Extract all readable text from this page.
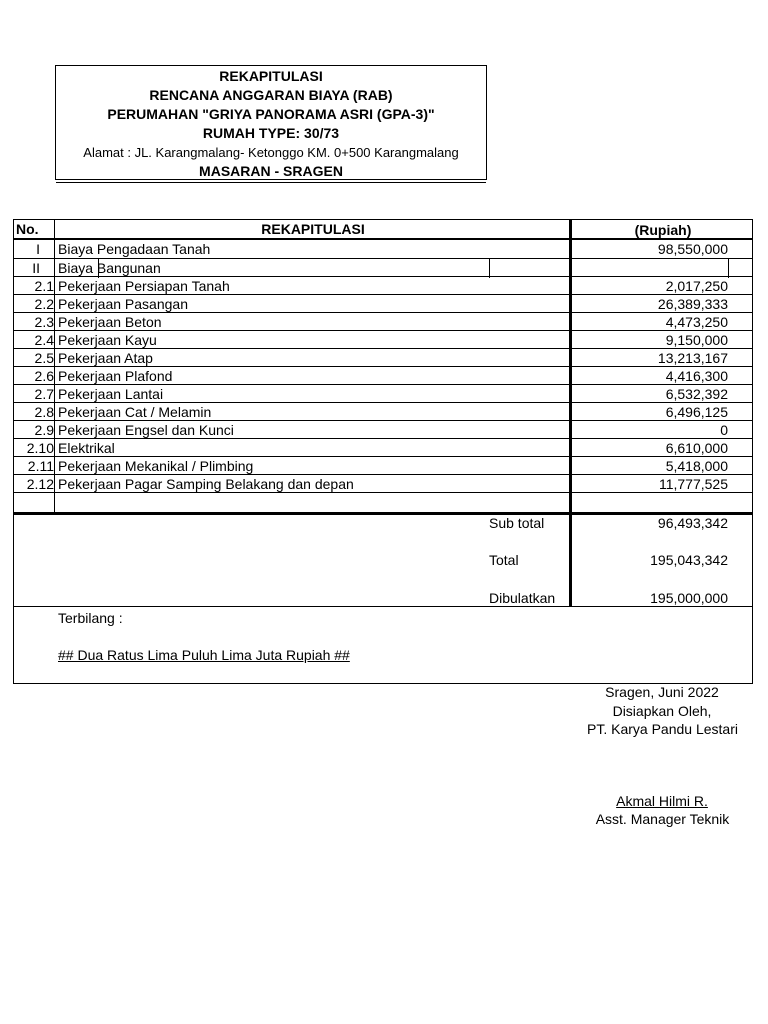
REKAPITULASI
RENCANA ANGGARAN BIAYA (RAB)
PERUMAHAN "GRIYA PANORAMA ASRI (GPA-3)"
RUMAH TYPE: 30/73
Alamat : JL. Karangmalang- Ketonggo KM. 0+500 Karangmalang
MASARAN - SRAGEN
No.	REKAPITULASI	(Rupiah)
I Biaya Pengadaan Tanah	98,550,000
II Biaya Bangunan
2.1 Pekerjaan Persiapan Tanah	2,017,250
2.2 Pekerjaan Pasangan	26,389,333
2.3 Pekerjaan Beton	4,473,250
2.4 Pekerjaan Kayu	9,150,000
2.5 Pekerjaan Atap	13,213,167
2.6 Pekerjaan Plafond	4,416,300
2.7 Pekerjaan Lantai	6,532,392
2.8 Pekerjaan Cat / Melamin	6,496,125
2.9 Pekerjaan Engsel dan Kunci	0
2.10 Elektrikal	6,610,000
2.11 Pekerjaan Mekanikal / Plimbing	5,418,000
2.12 Pekerjaan Pagar Samping Belakang dan depan	11,777,525
Sub total	96,493,342
Total	195,043,342
Dibulatkan	195,000,000
Terbilang :
## Dua Ratus Lima Puluh Lima Juta Rupiah ##
Sragen, Juni 2022
Disiapkan Oleh,
PT. Karya Pandu Lestari
Akmal Hilmi R.
Asst. Manager Teknik
